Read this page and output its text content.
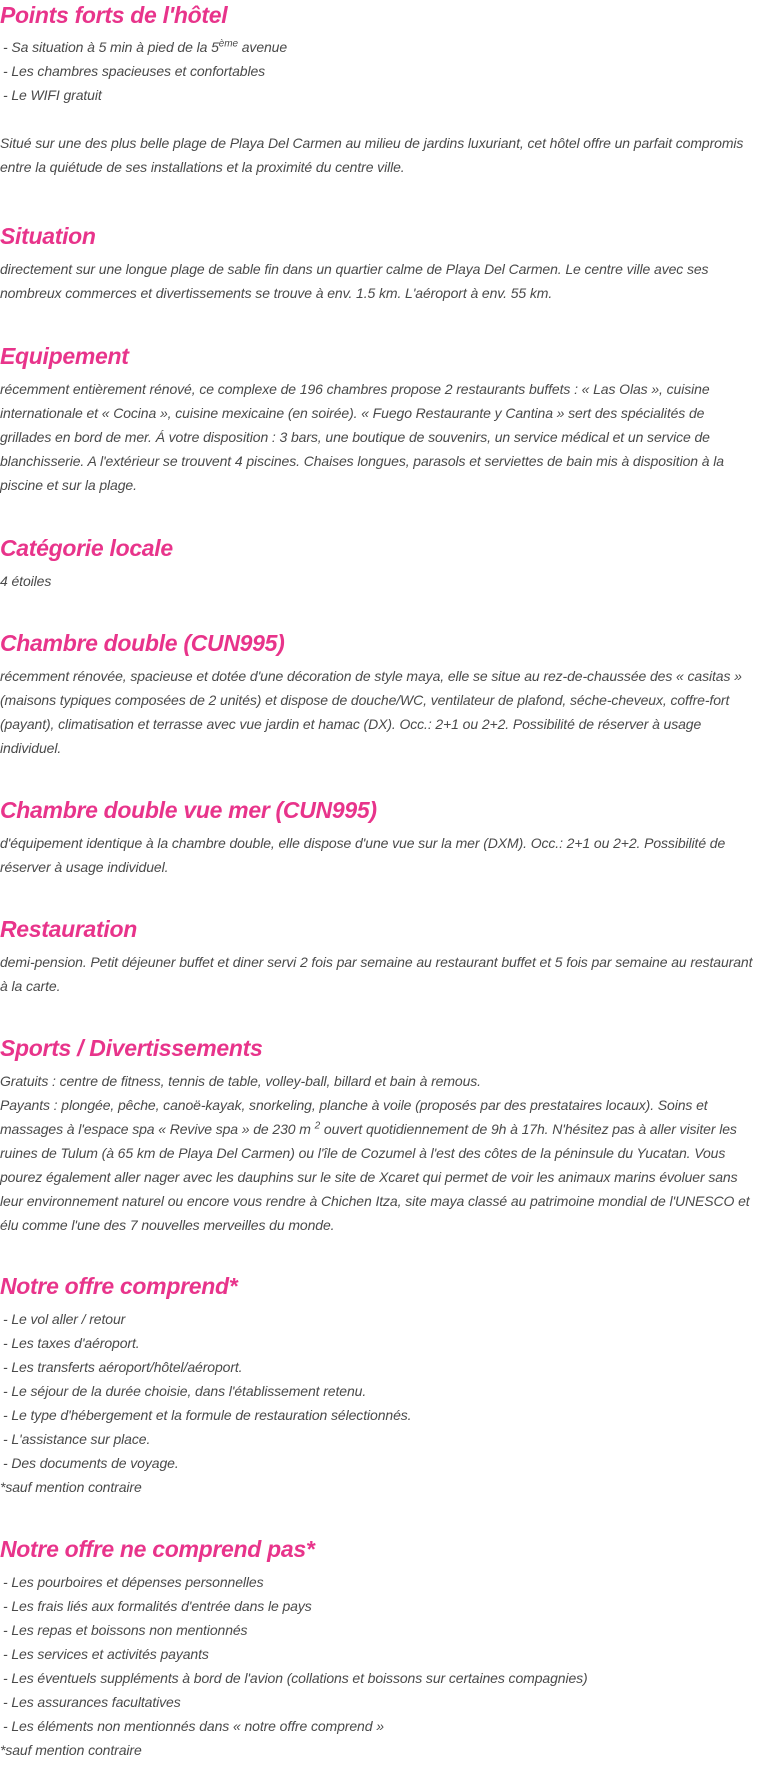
Points forts de l'hôtel

- Sa situation à 5 min à pied de la 5ème avenue

- Les chambres spacieuses et confortables

- Le WIFI gratuit

Situé sur une des plus belle plage de Playa Del Carmen au milieu de jardins luxuriant, cet hôtel offre un parfait compromis entre la quiétude de ses installations et la proximité du centre ville.

Situation

directement sur une longue plage de sable fin dans un quartier calme de Playa Del Carmen. Le centre ville avec ses nombreux commerces et divertissements se trouve à env. 1.5 km. L'aéroport à env. 55 km.

Equipement

récemment entièrement rénové, ce complexe de 196 chambres propose 2 restaurants buffets : « Las Olas », cuisine internationale et « Cocina », cuisine mexicaine (en soirée). « Fuego Restaurante y Cantina » sert des spécialités de grillades en bord de mer. Á votre disposition : 3 bars, une boutique de souvenirs, un service médical et un service de blanchisserie. A l'extérieur se trouvent 4 piscines. Chaises longues, parasols et serviettes de bain mis à disposition à la piscine et sur la plage.

Catégorie locale

4 étoiles

Chambre double (CUN995)

récemment rénovée, spacieuse et dotée d'une décoration de style maya, elle se situe au rez-de-chaussée des « casitas » (maisons typiques composées de 2 unités) et dispose de douche/WC, ventilateur de plafond, séche-cheveux, coffre-fort (payant), climatisation et terrasse avec vue jardin et hamac (DX). Occ.: 2+1 ou 2+2. Possibilité de réserver à usage individuel.

Chambre double vue mer (CUN995)

d'équipement identique à la chambre double, elle dispose d'une vue sur la mer (DXM). Occ.: 2+1 ou 2+2. Possibilité de réserver à usage individuel.

Restauration

demi-pension. Petit déjeuner buffet et diner servi 2 fois par semaine au restaurant buffet et 5 fois par semaine au restaurant à la carte.

Sports / Divertissements

Gratuits : centre de fitness, tennis de table, volley-ball, billard et bain à remous.

Payants : plongée, pêche, canoë-kayak, snorkeling, planche à voile (proposés par des prestataires locaux). Soins et massages à l'espace spa « Revive spa » de 230 m $^2$ ouvert quotidiennement de 9h à 17h. N'hésitez pas à aller visiter les ruines de Tulum (à 65 km de Playa Del Carmen) ou l'île de Cozumel à l'est des côtes de la péninsule du Yucatan. Vous pourez également aller nager avec les dauphins sur le site de Xcaret qui permet de voir les animaux marins évoluer sans leur environnement naturel ou encore vous rendre à Chichen Itza, site maya classé au patrimoine mondial de l'UNESCO et élu comme l'une des 7 nouvelles merveilles du monde.

Notre offre comprend*

- Le vol aller / retour

- Les taxes d'aéroport.

- Les transferts aéroport/hôtel/aéroport.

- Le séjour de la durée choisie, dans l'établissement retenu.

- Le type d'hébergement et la formule de restauration sélectionnés.

- L'assistance sur place.

- Des documents de voyage.

*sauf mention contraire

Notre offre ne comprend pas*

- Les pourboires et dépenses personnelles

- Les frais liés aux formalités d'entrée dans le pays

- Les repas et boissons non mentionnés

- Les services et activités payants

- Les éventuels suppléments à bord de l'avion (collations et boissons sur certaines compagnies)

- Les assurances facultatives

- Les éléments non mentionnés dans « notre offre comprend »

*sauf mention contraire
